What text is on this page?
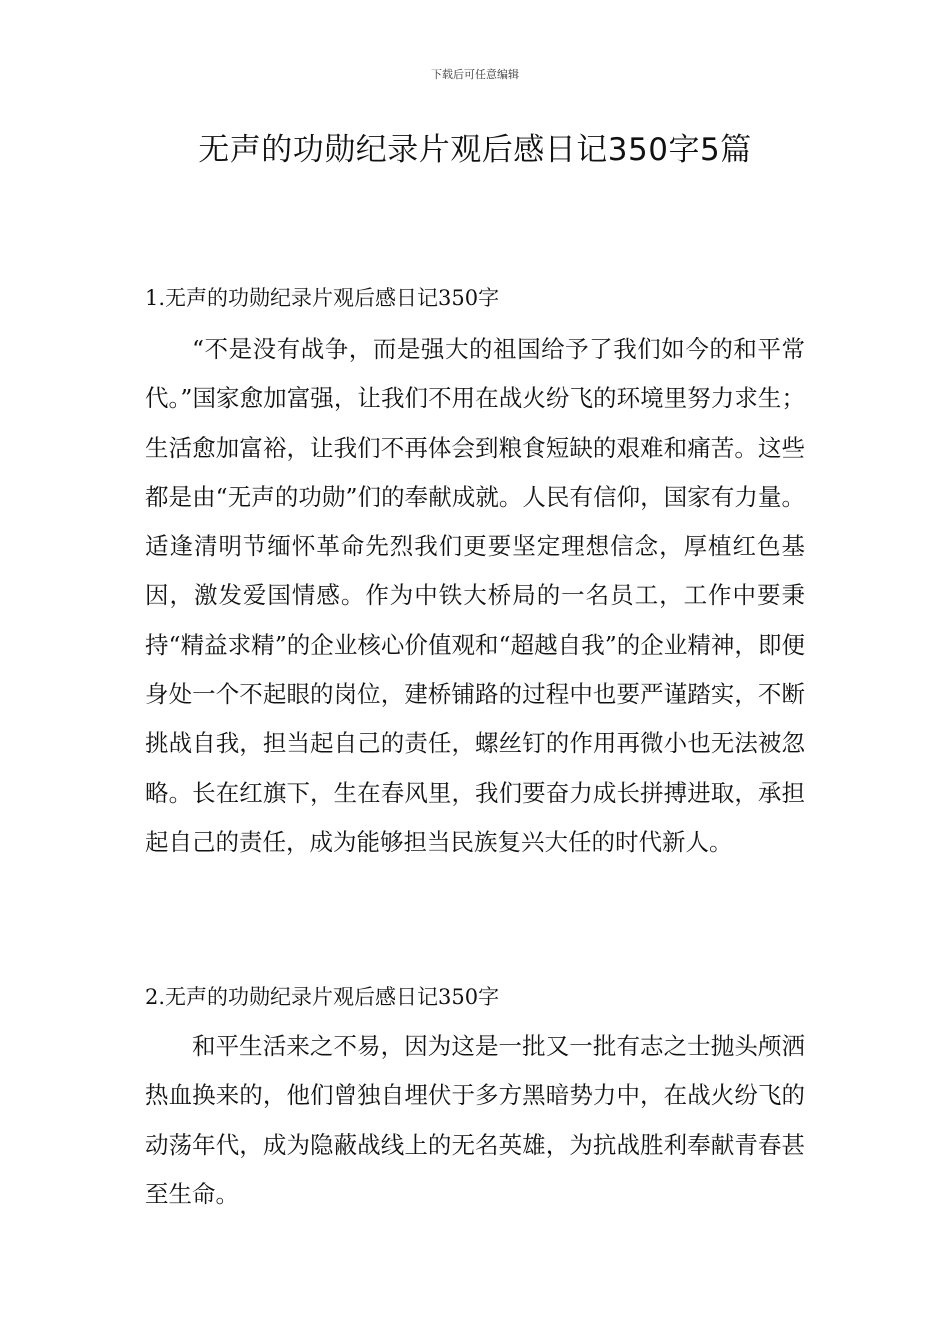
下载后可任意编辑
无声的功勋纪录片观后感日记350字5篇
1.无声的功勋纪录片观后感日记350字

“不是没有战争，而是强大的祖国给予了我们如今的和平常代。”国家愈加富强，让我们不用在战火纷飞的环境里努力求生；生活愈加富裕，让我们不再体会到粮食短缺的艰难和痛苦。这些都是由“无声的功勋”们的奉献成就。人民有信仰，国家有力量。适逢清明节缅怀革命先烈我们更要坚定理想信念，厚植红色基因，激发爱国情感。作为中铁大桥局的一名员工，工作中要秉持“精益求精”的企业核心价值观和“超越自我”的企业精神，即便身处一个不起眼的岗位，建桥铺路的过程中也要严谨踏实，不断挑战自我，担当起自己的责任，螺丝钉的作用再微小也无法被忽略。长在红旗下，生在春风里，我们要奋力成长拼搏进取，承担起自己的责任，成为能够担当民族复兴大任的时代新人。

2.无声的功勋纪录片观后感日记350字

和平生活来之不易，因为这是一批又一批有志之士抛头颅洒热血换来的，他们曾独自埋伏于多方黑暗势力中，在战火纷飞的动荡年代，成为隐蔽战线上的无名英雄，为抗战胜利奉献青春甚至生命。
